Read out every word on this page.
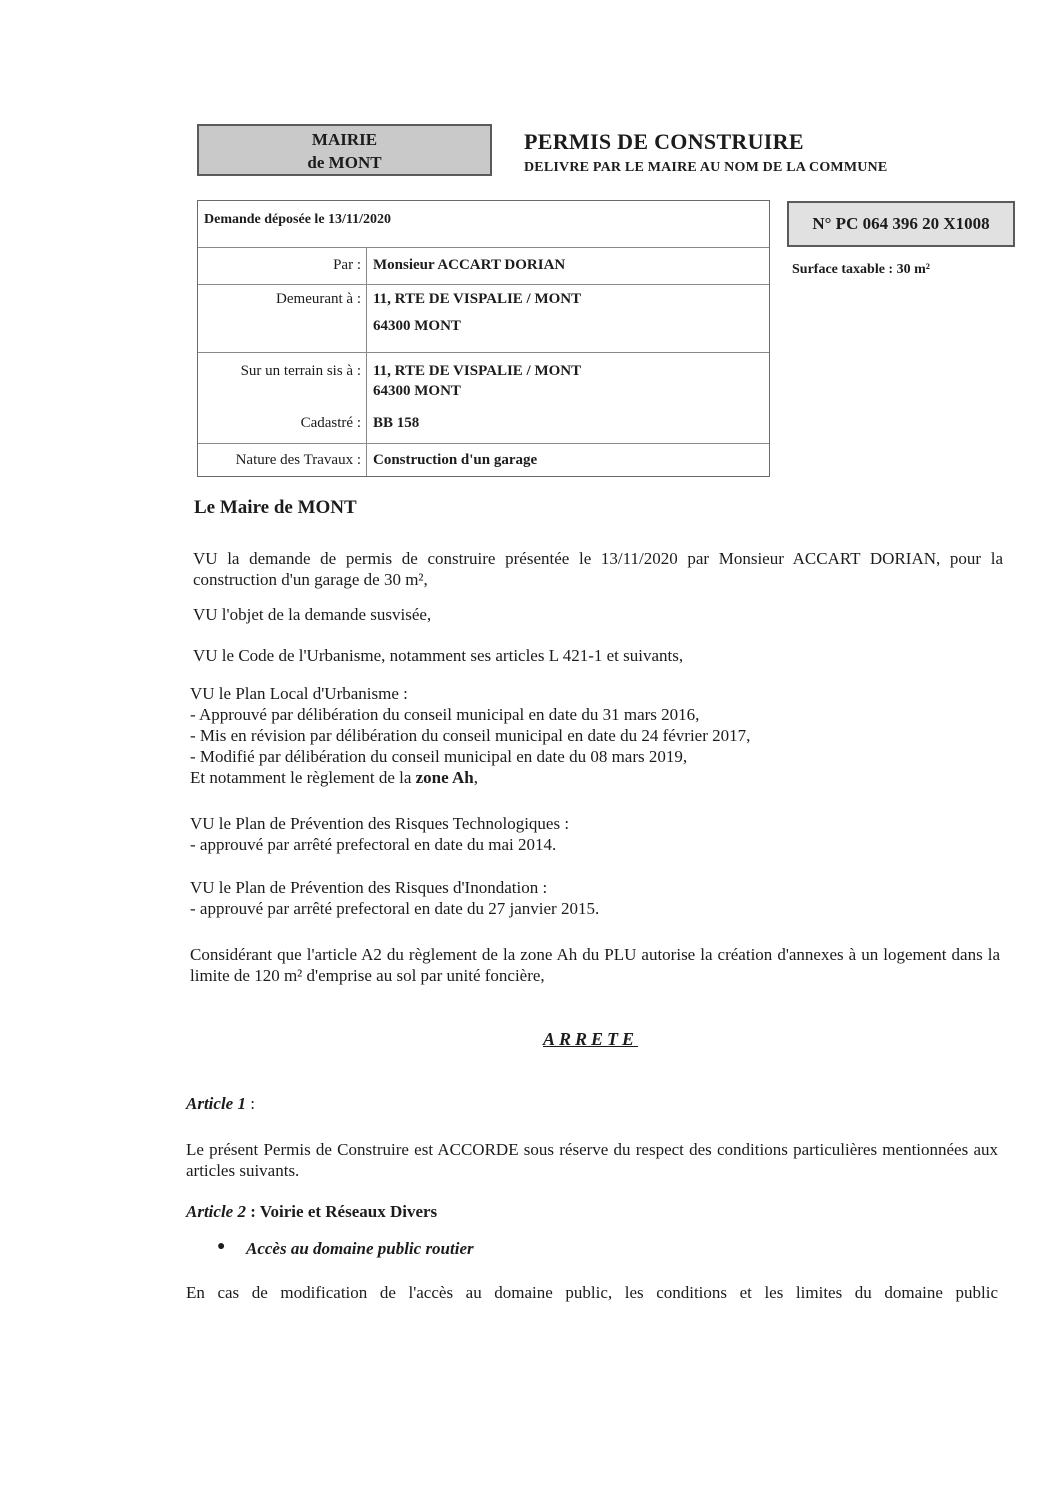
MAIRIE
de MONT
PERMIS DE CONSTRUIRE
DELIVRE PAR LE MAIRE AU NOM DE LA COMMUNE
Demande déposée le 13/11/2020
Par : Monsieur ACCART DORIAN
Demeurant à : 11, RTE DE VISPALIE / MONT
64300 MONT
Sur un terrain sis à : 11, RTE DE VISPALIE / MONT
64300 MONT
Cadastré : BB 158
Nature des Travaux : Construction d'un garage
N° PC 064 396 20 X1008
Surface taxable : 30 m²
Le Maire de MONT
VU la demande de permis de construire présentée le 13/11/2020 par Monsieur ACCART DORIAN, pour la construction d'un garage de 30 m²,
VU l'objet de la demande susvisée,
VU le Code de l'Urbanisme, notamment ses articles L 421-1 et suivants,
VU le Plan Local d'Urbanisme :
- Approuvé par délibération du conseil municipal en date du 31 mars 2016,
- Mis en révision par délibération du conseil municipal en date du 24 février 2017,
- Modifié par délibération du conseil municipal en date du 08 mars 2019,
Et notamment le règlement de la zone Ah,
VU le Plan de Prévention des Risques Technologiques :
- approuvé par arrêté prefectoral en date du mai 2014.
VU le Plan de Prévention des Risques d'Inondation :
- approuvé par arrêté prefectoral en date du 27 janvier 2015.
Considérant que l'article A2 du règlement de la zone Ah du PLU autorise la création d'annexes à un logement dans la limite de 120 m² d'emprise au sol par unité foncière,
ARRETE
Article 1 :
Le présent Permis de Construire est ACCORDE sous réserve du respect des conditions particulières mentionnées aux articles suivants.
Article 2 : Voirie et Réseaux Divers
● Accès au domaine public routier
En cas de modification de l'accès au domaine public, les conditions et les limites du domaine public
